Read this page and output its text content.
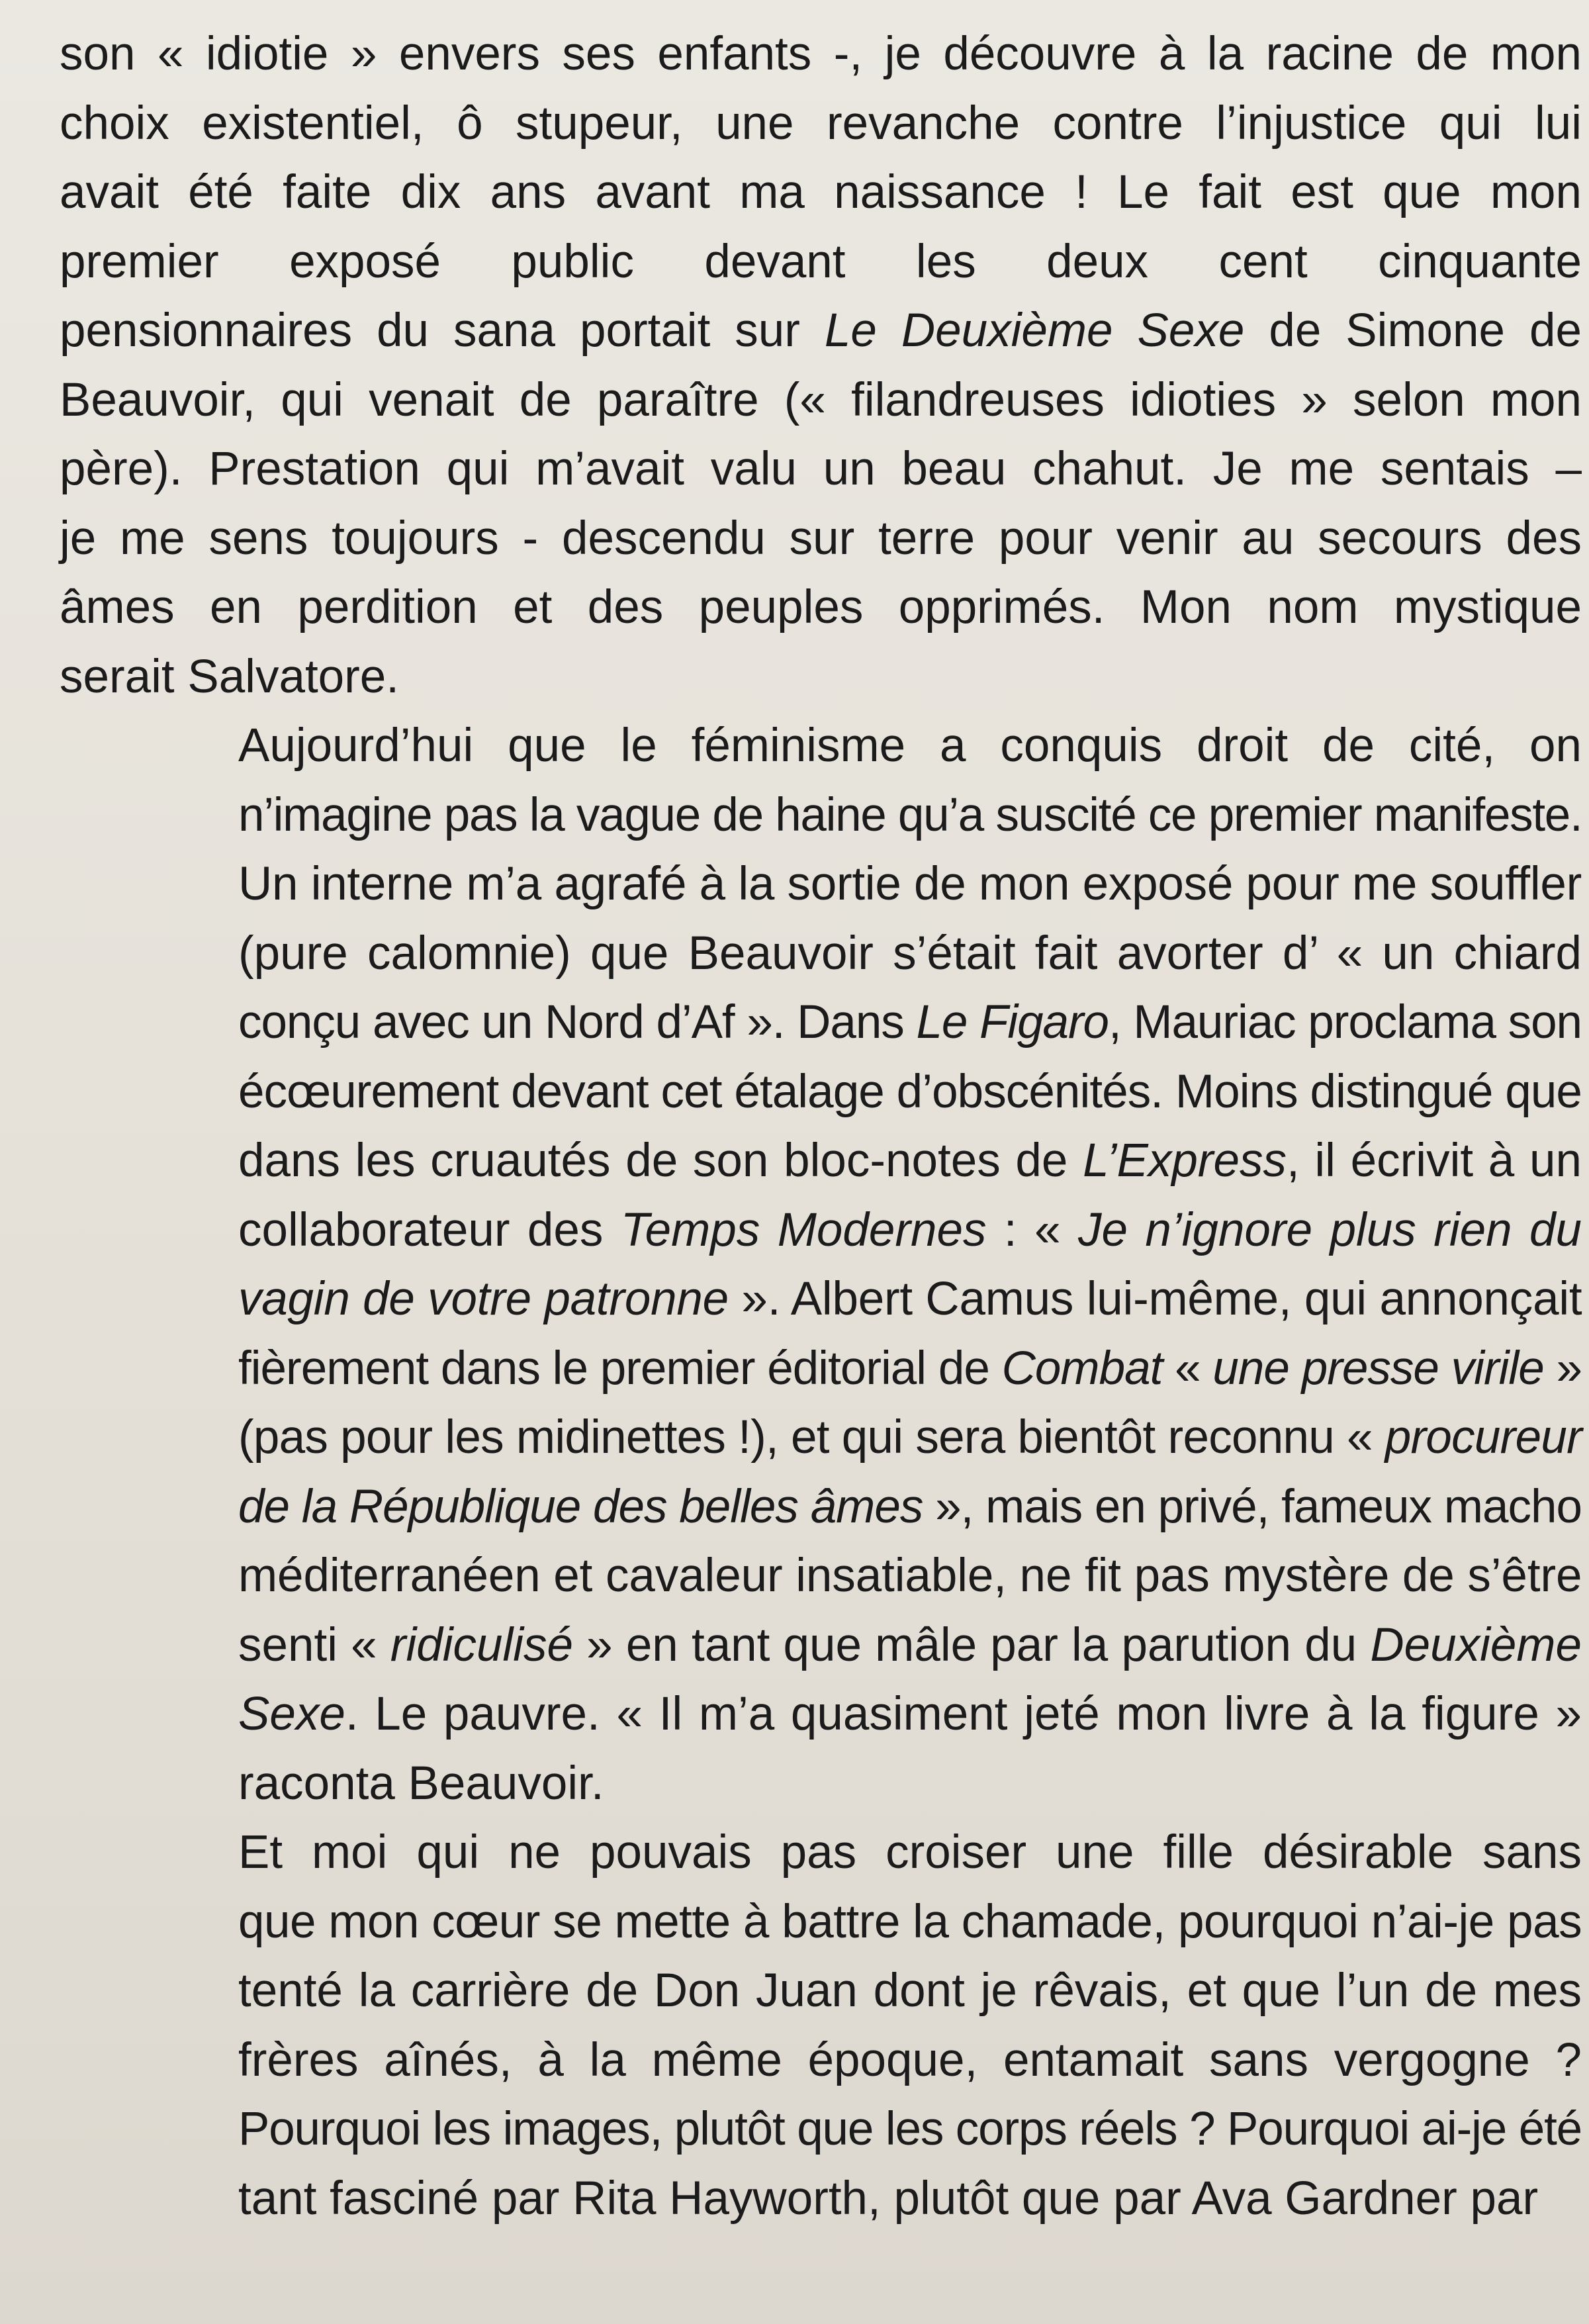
son « idiotie » envers ses enfants -, je découvre à la racine de mon
choix existentiel, ô stupeur, une revanche contre l’injustice qui lui
avait été faite dix ans avant ma naissance ! Le fait est que mon
premier exposé public devant les deux cent cinquante
pensionnaires du sana portait sur Le Deuxième Sexe de Simone de
Beauvoir, qui venait de paraître (« filandreuses idioties » selon mon
père). Prestation qui m’avait valu un beau chahut. Je me sentais –
je me sens toujours - descendu sur terre pour venir au secours des
âmes en perdition et des peuples opprimés. Mon nom mystique
serait Salvatore.
Aujourd’hui que le féminisme a conquis droit de cité, on
n’imagine pas la vague de haine qu’a suscité ce premier manifeste.
Un interne m’a agrafé à la sortie de mon exposé pour me souffler
(pure calomnie) que Beauvoir s’était fait avorter d’ « un chiard
conçu avec un Nord d’Af ». Dans Le Figaro, Mauriac proclama son
écœurement devant cet étalage d’obscénités. Moins distingué que
dans les cruautés de son bloc-notes de L’Express, il écrivit à un
collaborateur des Temps Modernes : « Je n’ignore plus rien du
vagin de votre patronne ». Albert Camus lui-même, qui annonçait
fièrement dans le premier éditorial de Combat « une presse virile »
(pas pour les midinettes !), et qui sera bientôt reconnu « procureur
de la République des belles âmes », mais en privé, fameux macho
méditerranéen et cavaleur insatiable, ne fit pas mystère de s’être
senti « ridiculisé » en tant que mâle par la parution du Deuxième
Sexe. Le pauvre. « Il m’a quasiment jeté mon livre à la figure »
raconta Beauvoir.
Et moi qui ne pouvais pas croiser une fille désirable sans
que mon cœur se mette à battre la chamade, pourquoi n’ai-je pas
tenté la carrière de Don Juan dont je rêvais, et que l’un de mes
frères aînés, à la même époque, entamait sans vergogne ?
Pourquoi les images, plutôt que les corps réels ? Pourquoi ai-je été
tant fasciné par Rita Hayworth, plutôt que par Ava Gardner par
